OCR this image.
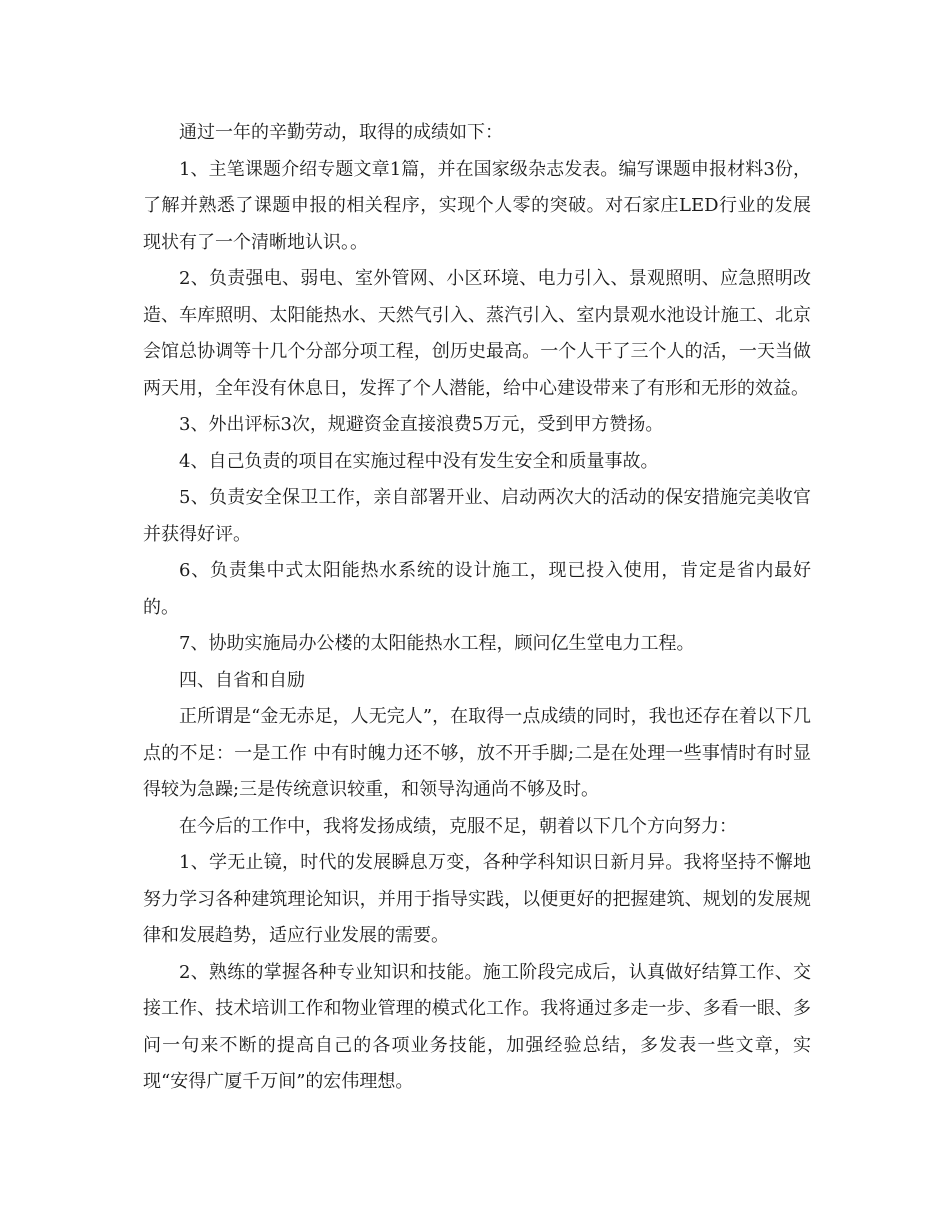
通过一年的辛勤劳动，取得的成绩如下：

1、主笔课题介绍专题文章1篇，并在国家级杂志发表。编写课题申报材料3份，了解并熟悉了课题申报的相关程序，实现个人零的突破。对石家庄LED行业的发展现状有了一个清晰地认识。。

2、负责强电、弱电、室外管网、小区环境、电力引入、景观照明、应急照明改造、车库照明、太阳能热水、天然气引入、蒸汽引入、室内景观水池设计施工、北京会馆总协调等十几个分部分项工程，创历史最高。一个人干了三个人的活，一天当做两天用，全年没有休息日，发挥了个人潜能，给中心建设带来了有形和无形的效益。

3、外出评标3次，规避资金直接浪费5万元，受到甲方赞扬。

4、自己负责的项目在实施过程中没有发生安全和质量事故。

5、负责安全保卫工作，亲自部署开业、启动两次大的活动的保安措施完美收官并获得好评。

6、负责集中式太阳能热水系统的设计施工，现已投入使用，肯定是省内最好的。

7、协助实施局办公楼的太阳能热水工程，顾问亿生堂电力工程。

四、自省和自励

正所谓是“金无赤足，人无完人”，在取得一点成绩的同时，我也还存在着以下几点的不足：一是工作 中有时魄力还不够，放不开手脚;二是在处理一些事情时有时显得较为急躁;三是传统意识较重，和领导沟通尚不够及时。

在今后的工作中，我将发扬成绩，克服不足，朝着以下几个方向努力：

1、学无止镜，时代的发展瞬息万变，各种学科知识日新月异。我将坚持不懈地努力学习各种建筑理论知识，并用于指导实践，以便更好的把握建筑、规划的发展规律和发展趋势，适应行业发展的需要。

2、熟练的掌握各种专业知识和技能。施工阶段完成后，认真做好结算工作、交接工作、技术培训工作和物业管理的模式化工作。我将通过多走一步、多看一眼、多问一句来不断的提高自己的各项业务技能，加强经验总结，多发表一些文章，实现“安得广厦千万间”的宏伟理想。
